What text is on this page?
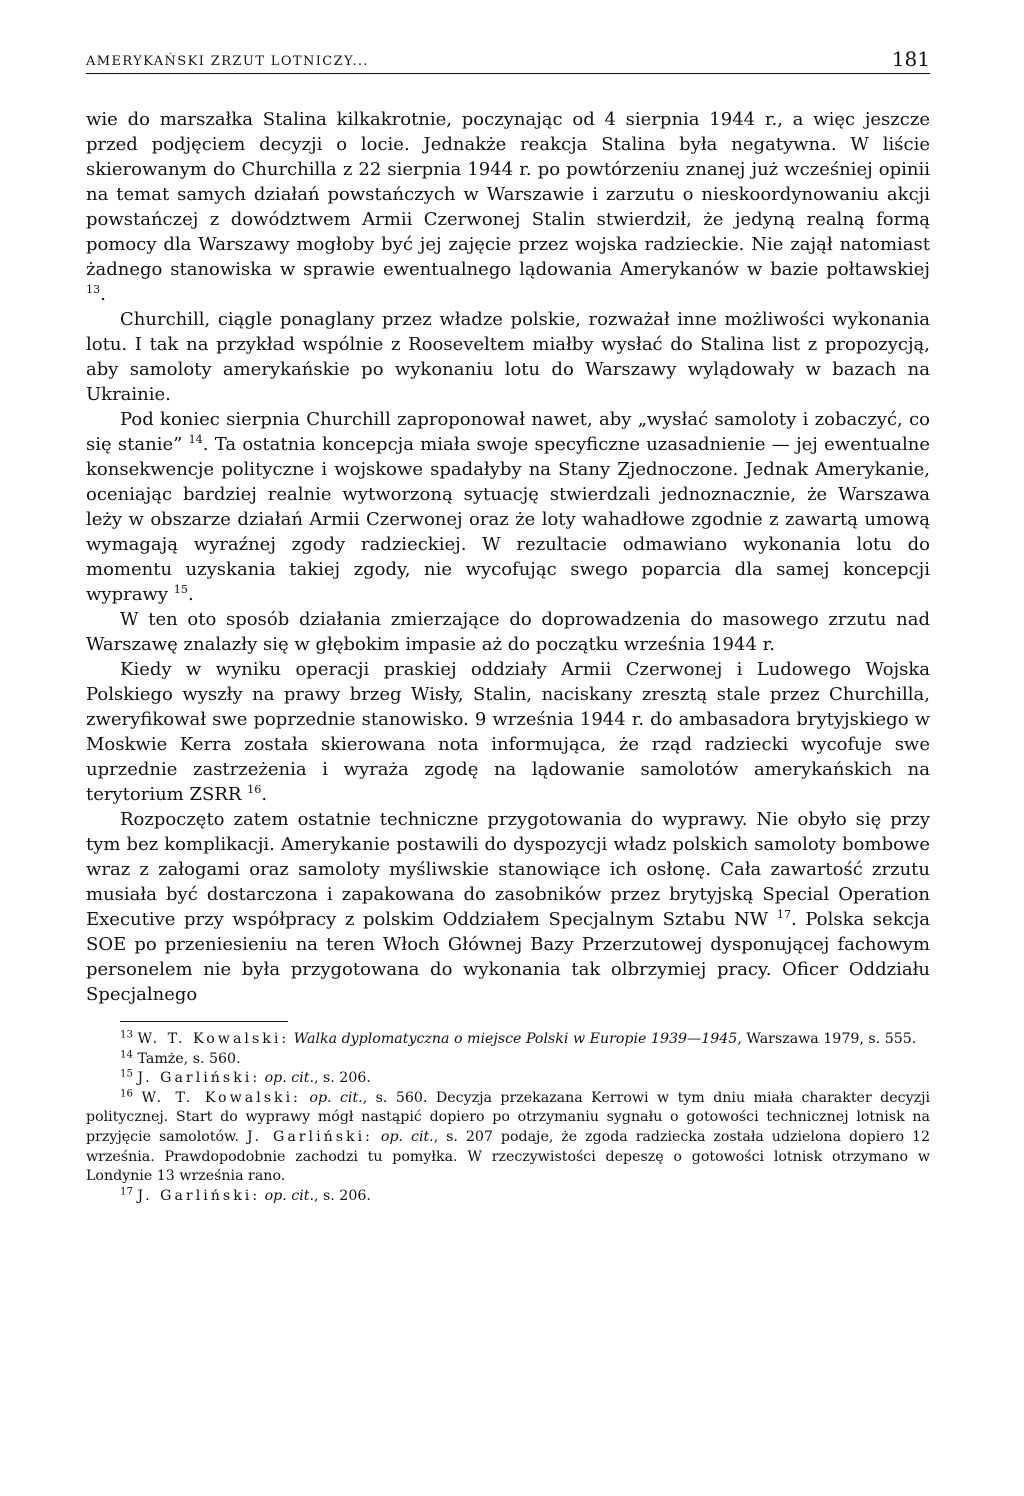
AMERYKAŃSKI ZRZUT LOTNICZY...	181

wie do marszałka Stalina kilkakrotnie, poczynając od 4 sierpnia 1944 r., a więc jeszcze przed podjęciem decyzji o locie. Jednakże reakcja Stalina była negatywna. W liście skierowanym do Churchilla z 22 sierpnia 1944 r. po powtórzeniu znanej już wcześniej opinii na temat samych działań powstańczych w Warszawie i zarzutu o nieskoordynowaniu akcji powstańczej z dowództwem Armii Czerwonej Stalin stwierdził, że jedyną realną formą pomocy dla Warszawy mogłoby być jej zajęcie przez wojska radzieckie. Nie zajął natomiast żadnego stanowiska w sprawie ewentualnego lądowania Amerykanów w bazie połtawskiej $^{13}$.

Churchill, ciągle ponaglany przez władze polskie, rozważał inne możliwości wykonania lotu. I tak na przykład wspólnie z Rooseveltem miałby wysłać do Stalina list z propozycją, aby samoloty amerykańskie po wykonaniu lotu do Warszawy wylądowały w bazach na Ukrainie.

Pod koniec sierpnia Churchill zaproponował nawet, aby „wysłać samoloty i zobaczyć, co się stanie” $^{14}$. Ta ostatnia koncepcja miała swoje specyficzne uzasadnienie — jej ewentualne konsekwencje polityczne i wojskowe spadałyby na Stany Zjednoczone. Jednak Amerykanie, oceniając bardziej realnie wytworzoną sytuację stwierdzali jednoznacznie, że Warszawa leży w obszarze działań Armii Czerwonej oraz że loty wahadłowe zgodnie z zawartą umową wymagają wyraźnej zgody radzieckiej. W rezultacie odmawiano wykonania lotu do momentu uzyskania takiej zgody, nie wycofując swego poparcia dla samej koncepcji wyprawy $^{15}$.

W ten oto sposób działania zmierzające do doprowadzenia do masowego zrzutu nad Warszawę znalazły się w głębokim impasie aż do początku września 1944 r.

Kiedy w wyniku operacji praskiej oddziały Armii Czerwonej i Ludowego Wojska Polskiego wyszły na prawy brzeg Wisły, Stalin, naciskany zresztą stale przez Churchilla, zweryfikował swe poprzednie stanowisko. 9 września 1944 r. do ambasadora brytyjskiego w Moskwie Kerra została skierowana nota informująca, że rząd radziecki wycofuje swe uprzednie zastrzeżenia i wyraża zgodę na lądowanie samolotów amerykańskich na terytorium ZSRR $^{16}$.

Rozpoczęto zatem ostatnie techniczne przygotowania do wyprawy. Nie obyło się przy tym bez komplikacji. Amerykanie postawili do dyspozycji władz polskich samoloty bombowe wraz z załogami oraz samoloty myśliwskie stanowiące ich osłonę. Cała zawartość zrzutu musiała być dostarczona i zapakowana do zasobników przez brytyjską Special Operation Executive przy współpracy z polskim Oddziałem Specjalnym Sztabu NW $^{17}$. Polska sekcja SOE po przeniesieniu na teren Włoch Głównej Bazy Przerzutowej dysponującej fachowym personelem nie była przygotowana do wykonania tak olbrzymiej pracy. Oficer Oddziału Specjalnego

$^{13}$ W. T. Kowalski: Walka dyplomatyczna o miejsce Polski w Europie 1939—1945, Warszawa 1979, s. 555.

$^{14}$ Tamże, s. 560.

$^{15}$ J. Garliński: op. cit., s. 206.

$^{16}$ W. T. Kowalski: op. cit., s. 560. Decyzja przekazana Kerrowi w tym dniu miała charakter decyzji politycznej. Start do wyprawy mógł nastąpić dopiero po otrzymaniu sygnału o gotowości technicznej lotnisk na przyjęcie samolotów. J. Garliński: op. cit., s. 207 podaje, że zgoda radziecka została udzielona dopiero 12 września. Prawdopodobnie zachodzi tu pomyłka. W rzeczywistości depeszę o gotowości lotnisk otrzymano w Londynie 13 września rano.

$^{17}$ J. Garliński: op. cit., s. 206.
